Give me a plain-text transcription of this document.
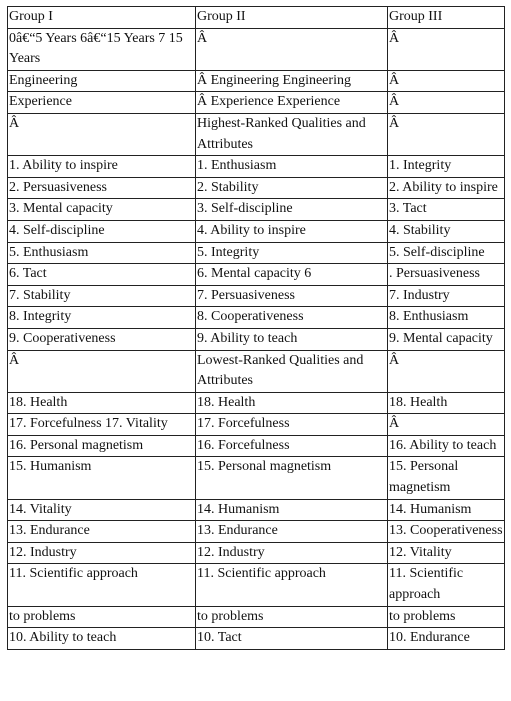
Group I	Group II	Group III
0â€“5 Years 6â€“15 Years 7 15 Years	Â	Â
Engineering	Â Engineering Engineering	Â
Experience	Â Experience Experience	Â
Â	Highest-Ranked Qualities and Attributes	Â
1. Ability to inspire	1. Enthusiasm	1. Integrity
2. Persuasiveness	2. Stability	2. Ability to inspire
3. Mental capacity	3. Self-discipline	3. Tact
4. Self-discipline	4. Ability to inspire	4. Stability
5. Enthusiasm	5. Integrity	5. Self-discipline
6. Tact	6. Mental capacity 6	. Persuasiveness
7. Stability	7. Persuasiveness	7. Industry
8. Integrity	8. Cooperativeness	8. Enthusiasm
9. Cooperativeness	9. Ability to teach	9. Mental capacity
Â	Lowest-Ranked Qualities and Attributes	Â
18. Health	18. Health	18. Health
17. Forcefulness 17. Vitality	17. Forcefulness	Â
16. Personal magnetism	16. Forcefulness	16. Ability to teach
15. Humanism	15. Personal magnetism	15. Personal magnetism
14. Vitality	14. Humanism	14. Humanism
13. Endurance	13. Endurance	13. Cooperativeness
12. Industry	12. Industry	12. Vitality
11. Scientific approach	11. Scientific approach	11. Scientific approach
to problems	to problems	to problems
10. Ability to teach	10. Tact	10. Endurance
